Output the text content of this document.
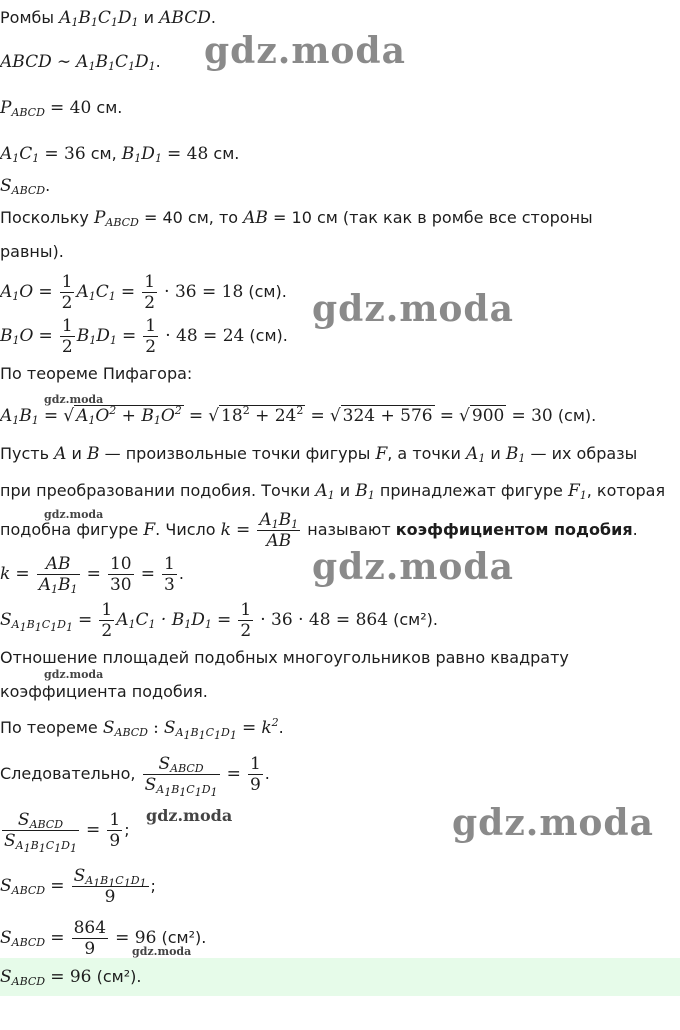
Ромбы $A_1B_1C_1D_1$ и ABCD.
ABCD ∼ $A_1B_1C_1D_1$.
$P_{ABCD} = 40$ см.
$A_1C_1 = 36$ см, $B_1D_1 = 48$ см.
$S_{ABCD}$.
Поскольку $P_{ABCD} = 40$ см, то AB = 10 см (так как в ромбе все стороны
равны).
$A_1O = \frac{1}{2} A_1C_1 = \frac{1}{2} \cdot 36 = 18$ (см).
$B_1O = \frac{1}{2} B_1D_1 = \frac{1}{2} \cdot 48 = 24$ (см).
По теореме Пифагора:
$A_1B_1$ = √ $A_1O^2 + B_1O^2$ = √ $18^2 + 24^2$ = √ 324 + 576 = √ 900 = 30 (см).
Пусть A и B — произвольные точки фигуры F, а точки $A_1$ и $B_1$ — их образы
при преобразовании подобия. Точки $A_1$ и $B_1$ принадлежат фигуре $F_1$, которая
подобна фигуре F. Число $k = \frac{A_1B_1}{AB}$ называют коэффициентом подобия.
$k = \frac{AB}{A_1B_1} = \frac{10}{30} = \frac{1}{3}$ .
$S_{A_1B_1C_1D_1} = \frac{1}{2} A_1C_1 \cdot B_1D_1 = \frac{1}{2} \cdot 36 \cdot 48 = 864$ (см²).
Отношение площадей подобных многоугольников равно квадрату
коэффициента подобия.
По теореме $S_{ABCD}$ : $S_{A_1B_1C_1D_1} = k^2$.
Следовательно, $\frac{S_{ABCD}}{S_{A_1B_1C_1D_1}} = \frac{1}{9}$ .
$\frac{S_{ABCD}}{S_{A_1B_1C_1D_1}} = \frac{1}{9}$ ;
$S_{ABCD} = \frac{S_{A_1B_1C_1D_1}}{9}$ ;
$S_{ABCD} = \frac{864}{9} = 96$ (см²).
$S_{ABCD} = 96$ (см²).
gdz.moda
gdz.moda
gdz.moda
gdz.moda
gdz.moda
gdz.moda
gdz.moda
gdz.moda
gdz.moda
